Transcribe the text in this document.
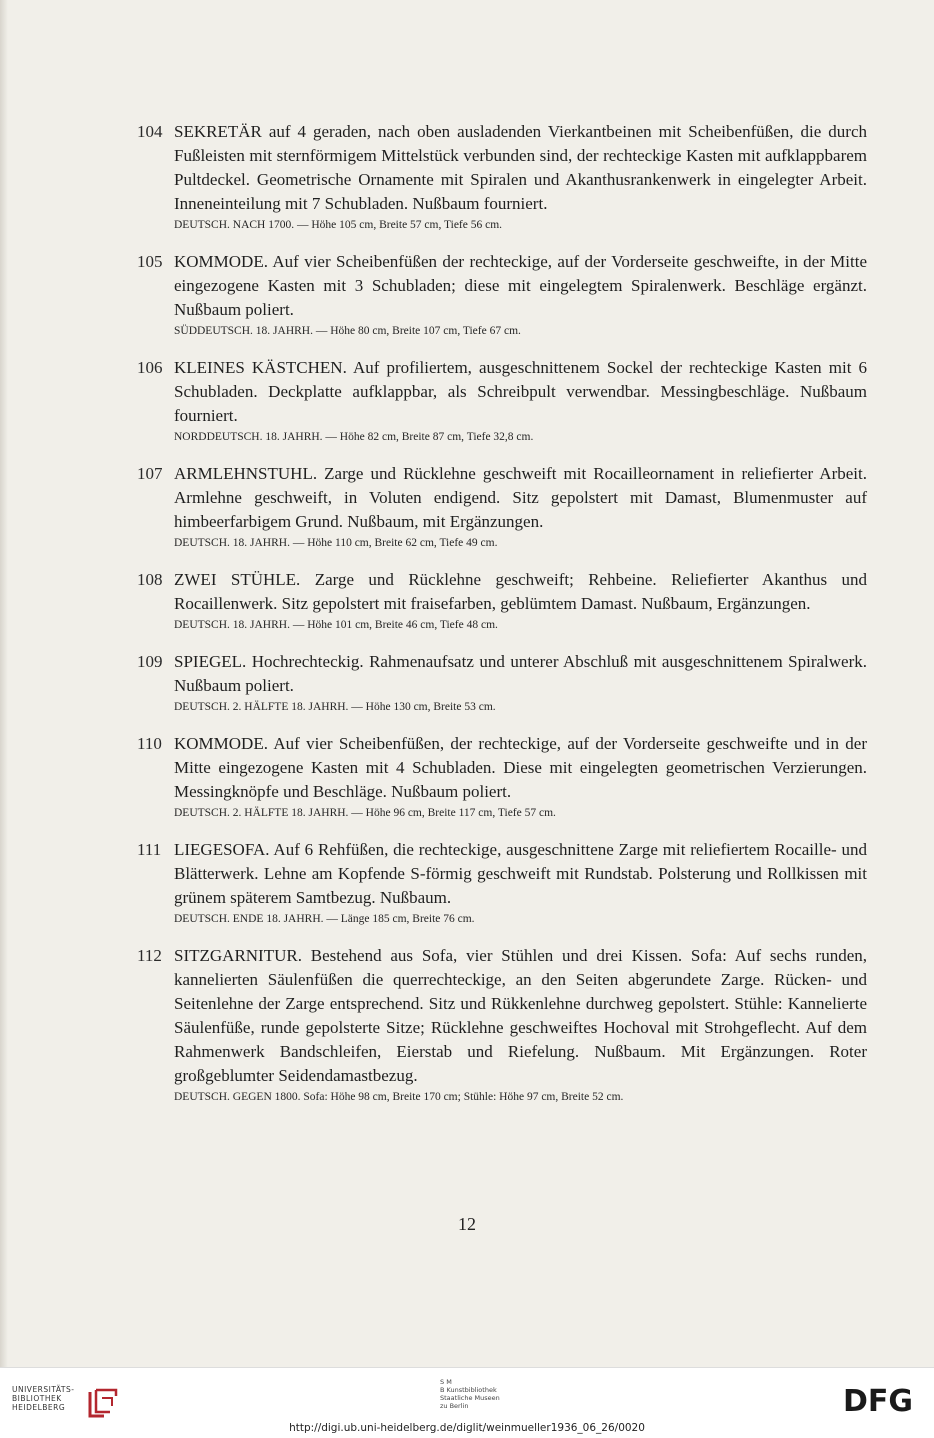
104 SEKRETÄR auf 4 geraden, nach oben ausladenden Vierkantbeinen mit Scheibenfüßen, die durch Fußleisten mit sternförmigem Mittelstück verbunden sind, der rechteckige Kasten mit aufklappbarem Pultdeckel. Geometrische Ornamente mit Spiralen und Akanthusrankenwerk in eingelegter Arbeit. Inneneinteilung mit 7 Schubladen. Nußbaum fourniert.
DEUTSCH. NACH 1700. — Höhe 105 cm, Breite 57 cm, Tiefe 56 cm.
105 KOMMODE. Auf vier Scheibenfüßen der rechteckige, auf der Vorderseite geschweifte, in der Mitte eingezogene Kasten mit 3 Schubladen; diese mit eingelegtem Spiralenwerk. Beschläge ergänzt. Nußbaum poliert.
SÜDDEUTSCH. 18. JAHRH. — Höhe 80 cm, Breite 107 cm, Tiefe 67 cm.
106 KLEINES KÄSTCHEN. Auf profiliertem, ausgeschnittenem Sockel der rechteckige Kasten mit 6 Schubladen. Deckplatte aufklappbar, als Schreibpult verwendbar. Messingbeschläge. Nußbaum fourniert.
NORDDEUTSCH. 18. JAHRH. — Höhe 82 cm, Breite 87 cm, Tiefe 32,8 cm.
107 ARMLEHNSTUHL. Zarge und Rücklehne geschweift mit Rocailleornament in reliefierter Arbeit. Armlehne geschweift, in Voluten endigend. Sitz gepolstert mit Damast, Blumenmuster auf himbeerfarbigem Grund. Nußbaum, mit Ergänzungen.
DEUTSCH. 18. JAHRH. — Höhe 110 cm, Breite 62 cm, Tiefe 49 cm.
108 ZWEI STÜHLE. Zarge und Rücklehne geschweift; Rehbeine. Reliefierter Akanthus und Rocaillenwerk. Sitz gepolstert mit fraisefarben, geblümtem Damast. Nußbaum, Ergänzungen.
DEUTSCH. 18. JAHRH. — Höhe 101 cm, Breite 46 cm, Tiefe 48 cm.
109 SPIEGEL. Hochrechteckig. Rahmenaufsatz und unterer Abschluß mit ausgeschnittenem Spiralwerk. Nußbaum poliert.
DEUTSCH. 2. HÄLFTE 18. JAHRH. — Höhe 130 cm, Breite 53 cm.
110 KOMMODE. Auf vier Scheibenfüßen, der rechteckige, auf der Vorderseite geschweifte und in der Mitte eingezogene Kasten mit 4 Schubladen. Diese mit eingelegten geometrischen Verzierungen. Messingknöpfe und Beschläge. Nußbaum poliert.
DEUTSCH. 2. HÄLFTE 18. JAHRH. — Höhe 96 cm, Breite 117 cm, Tiefe 57 cm.
111 LIEGESOFA. Auf 6 Rehfüßen, die rechteckige, ausgeschnittene Zarge mit reliefiertem Rocaille- und Blätterwerk. Lehne am Kopfende S-förmig geschweift mit Rundstab. Polsterung und Rollkissen mit grünem späterem Samtbezug. Nußbaum.
DEUTSCH. ENDE 18. JAHRH. — Länge 185 cm, Breite 76 cm.
112 SITZGARNITUR. Bestehend aus Sofa, vier Stühlen und drei Kissen. Sofa: Auf sechs runden, kannelierten Säulenfüßen die querrechteckige, an den Seiten abgerundete Zarge. Rücken- und Seitenlehne der Zarge entsprechend. Sitz und Rükkenlehne durchweg gepolstert. Stühle: Kannelierte Säulenfüße, runde gepolsterte Sitze; Rücklehne geschweiftes Hochoval mit Strohgeflecht. Auf dem Rahmenwerk Bandschleifen, Eierstab und Riefelung. Nußbaum. Mit Ergänzungen. Roter großgeblumter Seidendamastbezug.
DEUTSCH. GEGEN 1800. Sofa: Höhe 98 cm, Breite 170 cm; Stühle: Höhe 97 cm, Breite 52 cm.
12
UNIVERSITÄTS-
BIBLIOTHEK
HEIDELBERG
S M
B Kunstbibliothek
Staatliche Museen
zu Berlin	DFG
http://digi.ub.uni-heidelberg.de/diglit/weinmueller1936_06_26/0020
